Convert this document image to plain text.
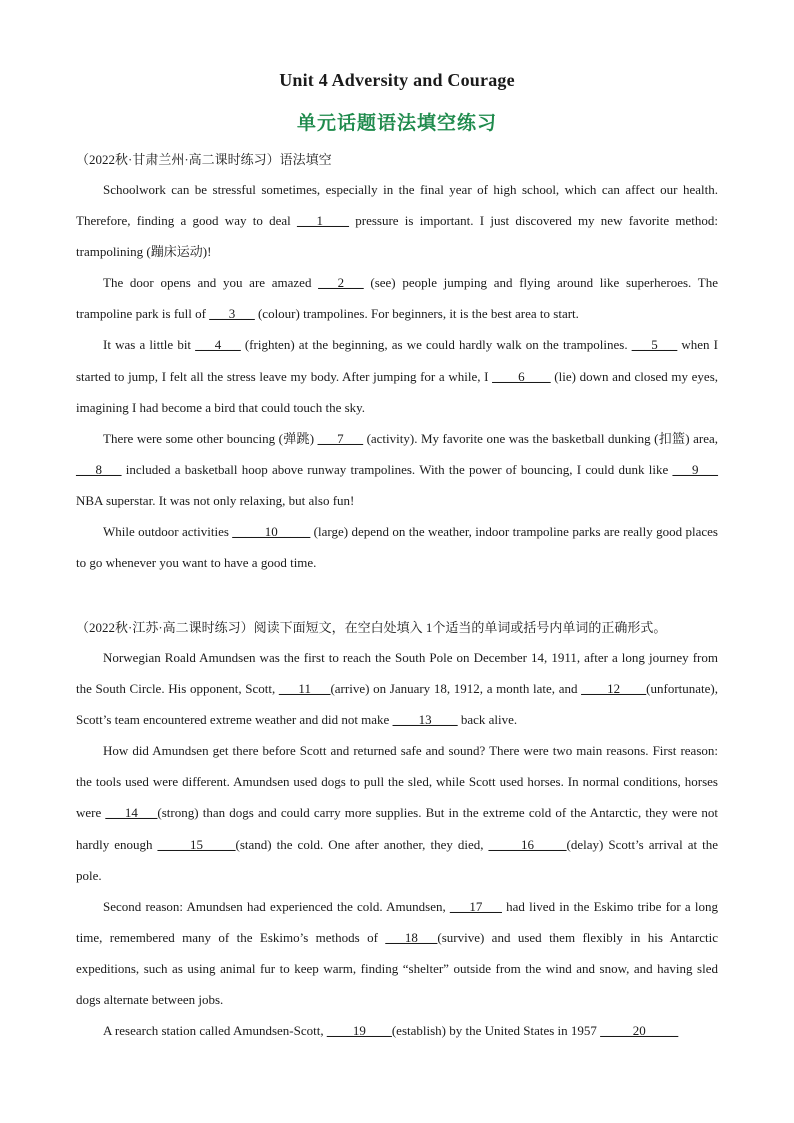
Unit 4 Adversity and Courage
单元话题语法填空练习
（2022秋·甘肃兰州·高二课时练习）语法填空

Schoolwork can be stressful sometimes, especially in the final year of high school, which can affect our health. Therefore, finding a good way to deal ___1____ pressure is important. I just discovered my new favorite method: trampolining (蹦床运动)!

The door opens and you are amazed ___2___ (see) people jumping and flying around like superheroes. The trampoline park is full of ___3___ (colour) trampolines. For beginners, it is the best area to start.

It was a little bit ___4___ (frighten) at the beginning, as we could hardly walk on the trampolines. ___5___ when I started to jump, I felt all the stress leave my body. After jumping for a while, I ____6____ (lie) down and closed my eyes, imagining I had become a bird that could touch the sky.

There were some other bouncing (弹跳) ___7___ (activity). My favorite one was the basketball dunking (扣篮) area, ___8___ included a basketball hoop above runway trampolines. With the power of bouncing, I could dunk like ___9___ NBA superstar. It was not only relaxing, but also fun!

While outdoor activities _____10_____ (large) depend on the weather, indoor trampoline parks are really good places to go whenever you want to have a good time.

（2022秋·江苏·高二课时练习）阅读下面短文，在空白处填入 1个适当的单词或括号内单词的正确形式。

Norwegian Roald Amundsen was the first to reach the South Pole on December 14, 1911, after a long journey from the South Circle. His opponent, Scott, ___11___(arrive) on January 18, 1912, a month late, and ____12____(unfortunate), Scott’s team encountered extreme weather and did not make ____13____ back alive.

How did Amundsen get there before Scott and returned safe and sound? There were two main reasons. First reason: the tools used were different. Amundsen used dogs to pull the sled, while Scott used horses. In normal conditions, horses were ___14___(strong) than dogs and could carry more supplies. But in the extreme cold of the Antarctic, they were not hardly enough _____15_____(stand) the cold. One after another, they died, _____16_____(delay) Scott’s arrival at the pole.

Second reason: Amundsen had experienced the cold. Amundsen, ___17___ had lived in the Eskimo tribe for a long time, remembered many of the Eskimo’s methods of ___18___(survive) and used them flexibly in his Antarctic expeditions, such as using animal fur to keep warm, finding “shelter” outside from the wind and snow, and having sled dogs alternate between jobs.

A research station called Amundsen-Scott, ____19____(establish) by the United States in 1957 _____20_____
